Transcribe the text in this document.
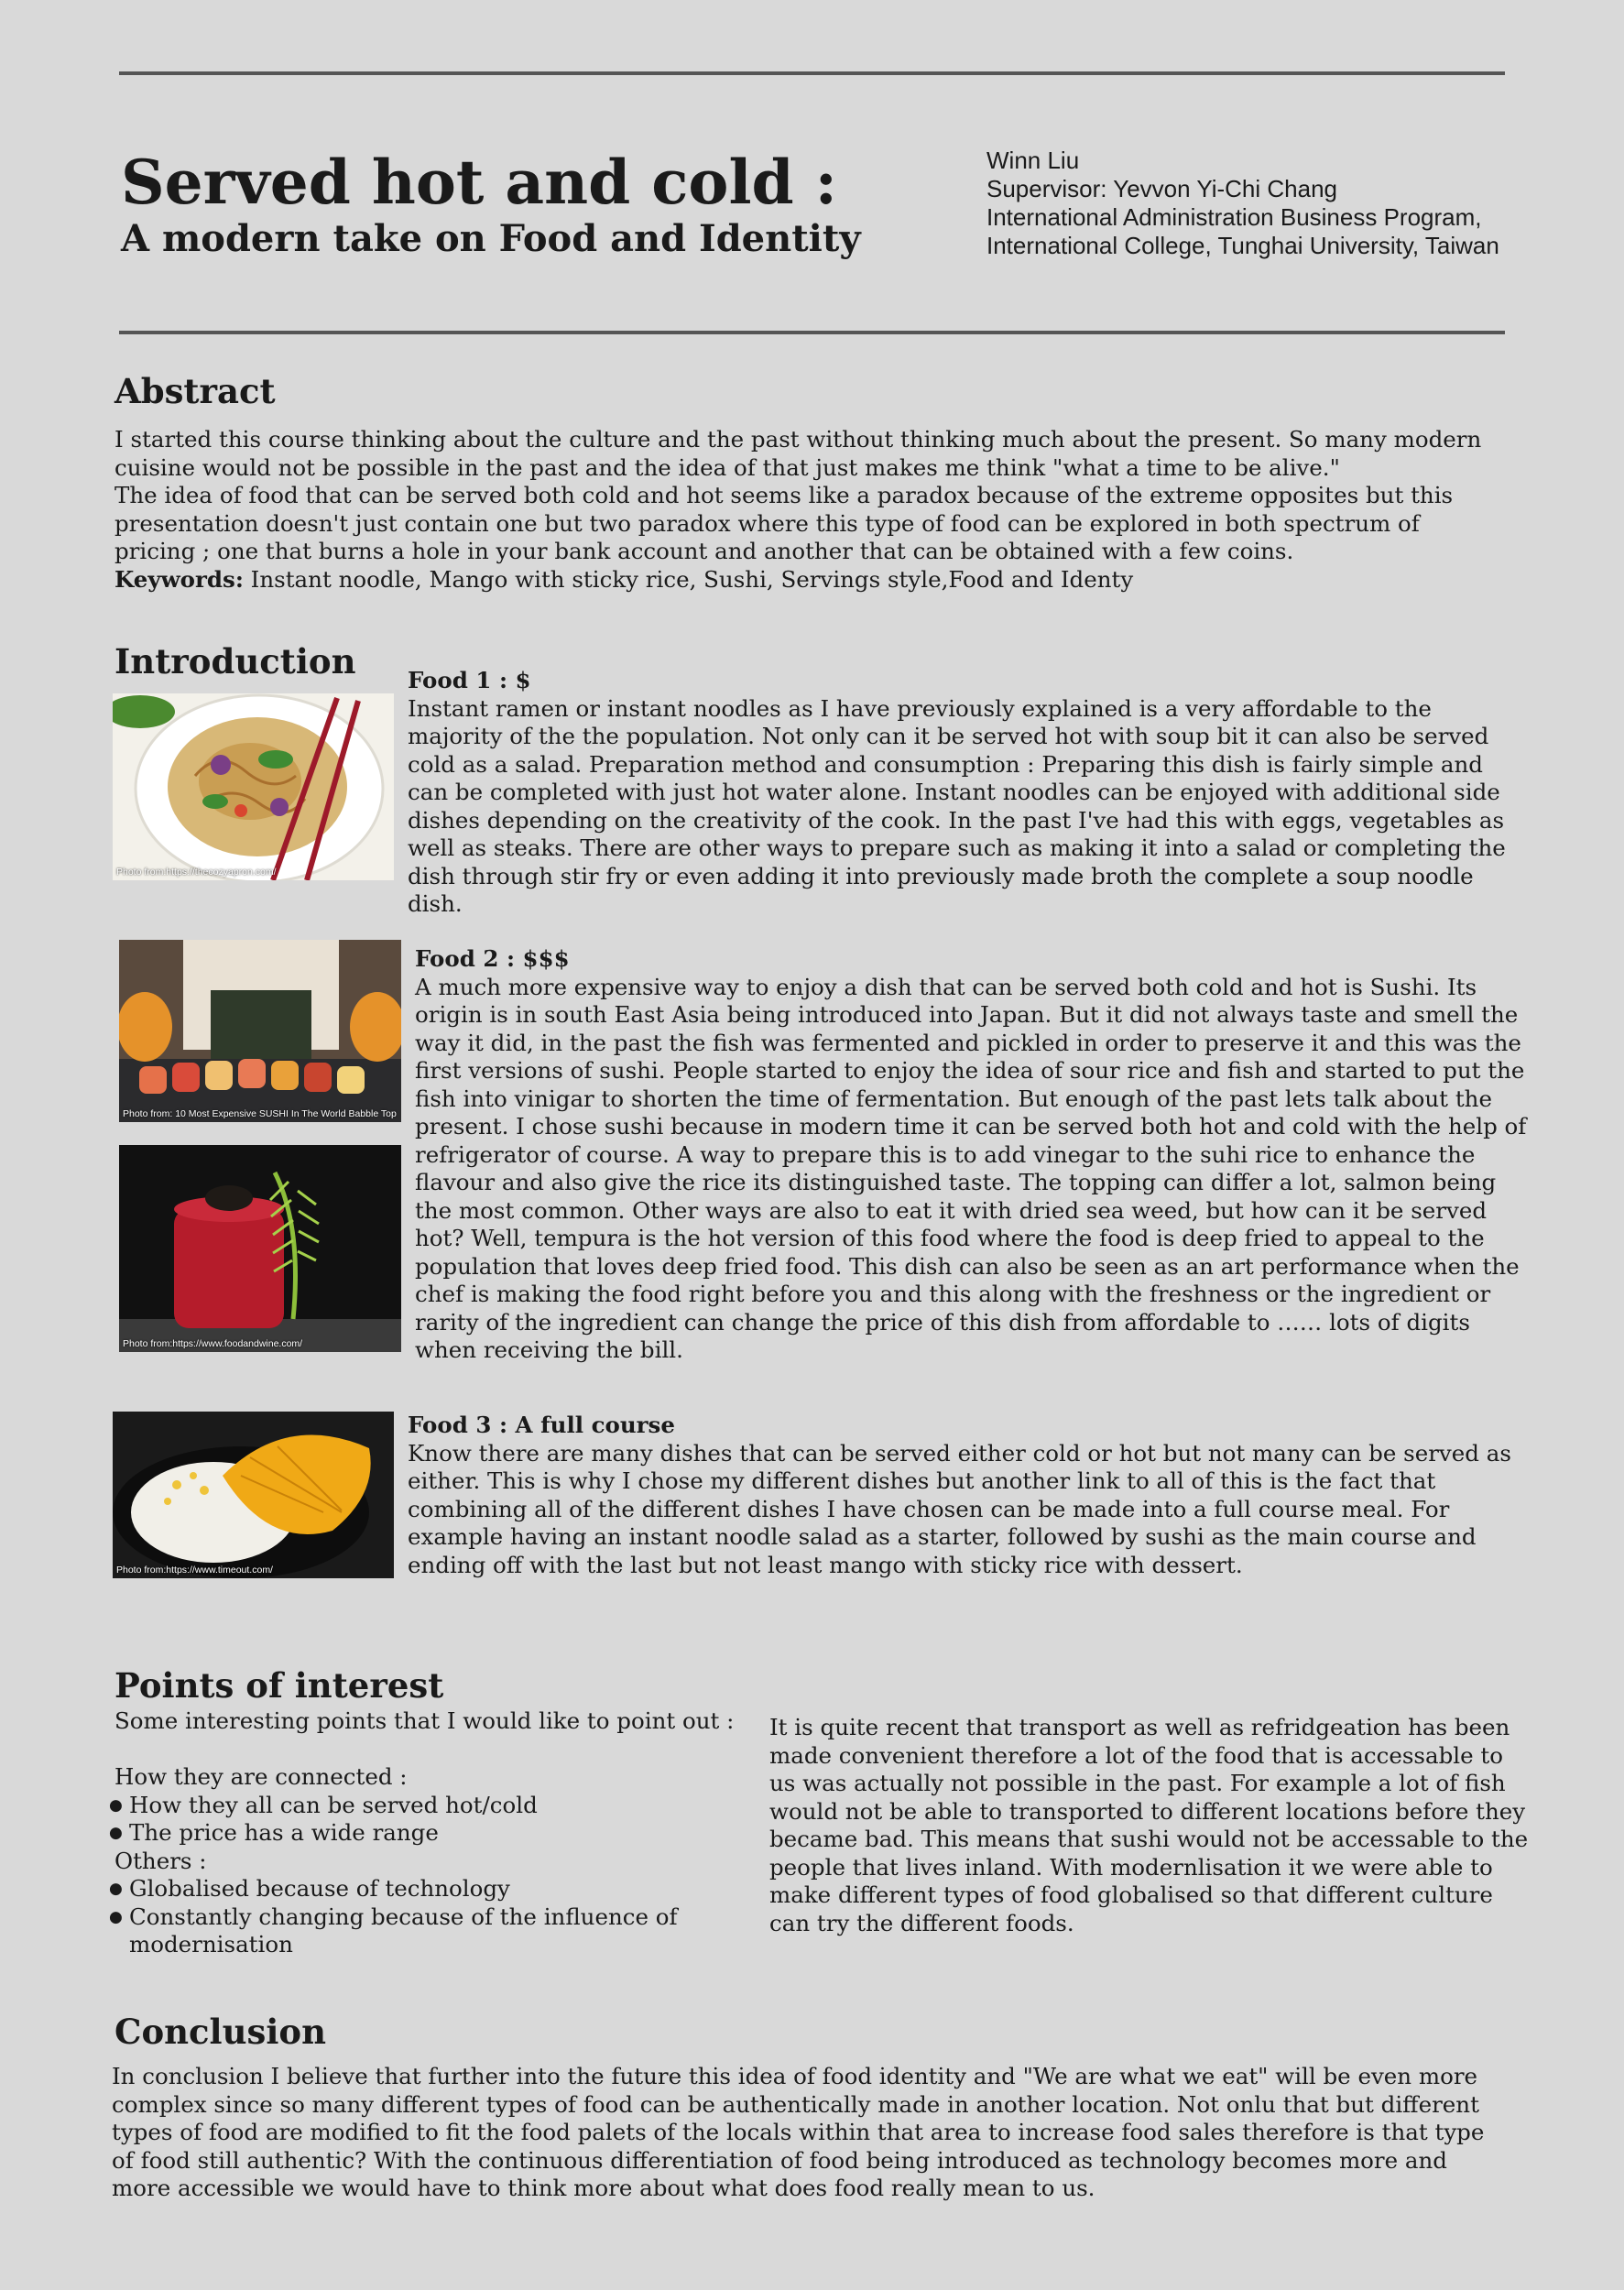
Served hot and cold :
A modern take on Food and Identity
Winn Liu
Supervisor: Yevvon Yi-Chi Chang
International Administration Business Program,
International College, Tunghai University, Taiwan
Abstract

I started this course thinking about the culture and the past without thinking much about the present. So many modern cuisine would not be possible in the past and the idea of that just makes me think "what a time to be alive."

The idea of food that can be served both cold and hot seems like a paradox because of the extreme opposites but this presentation doesn't just contain one but two paradox where this type of food can be explored in both spectrum of pricing ; one that burns a hole in your bank account and another that can be obtained with a few coins.

Keywords: Instant noodle, Mango with sticky rice, Sushi, Servings style,Food and Identy

Introduction
Photo from:https://thecozyapron.com/

Food 1 : $

Instant ramen or instant noodles as I have previously explained is a very affordable to the majority of the the population. Not only can it be served hot with soup bit it can also be served cold as a salad. Preparation method and consumption : Preparing this dish is fairly simple and can be completed with just hot water alone. Instant noodles can be enjoyed with additional side dishes depending on the creativity of the cook. In the past I've had this with eggs, vegetables as well as steaks. There are other ways to prepare such as making it into a salad or completing the dish through stir fry or even adding it into previously made broth the complete a soup noodle dish.

Photo from: 10 Most Expensive SUSHI In The World Babble Top
Photo from:https://www.foodandwine.com/

Food 2 : $$$

A much more expensive way to enjoy a dish that can be served both cold and hot is Sushi. Its origin is in south East Asia being introduced into Japan. But it did not always taste and smell the way it did, in the past the fish was fermented and pickled in order to preserve it and this was the first versions of sushi. People started to enjoy the idea of sour rice and fish and started to put the fish into vinigar to shorten the time of fermentation. But enough of the past lets talk about the present. I chose sushi because in modern time it can be served both hot and cold with the help of refrigerator of course. A way to prepare this is to add vinegar to the suhi rice to enhance the flavour and also give the rice its distinguished taste. The topping can differ a lot, salmon being the most common. Other ways are also to eat it with dried sea weed, but how can it be served hot? Well, tempura is the hot version of this food where the food is deep fried to appeal to the population that loves deep fried food. This dish can also be seen as an art performance when the chef is making the food right before you and this along with the freshness or the ingredient or rarity of the ingredient can change the price of this dish from affordable to …… lots of digits when receiving the bill.

Photo from:https://www.timeout.com/

Food 3 : A full course

Know there are many dishes that can be served either cold or hot but not many can be served as either. This is why I chose my different dishes but another link to all of this is the fact that combining all of the different dishes I have chosen can be made into a full course meal. For example having an instant noodle salad as a starter, followed by sushi as the main course and ending off with the last but not least mango with sticky rice with dessert.

Points of interest

Some interesting points that I would like to point out :

How they are connected :

● How they all can be served hot/cold
● The price has a wide range

Others :

● Globalised because of technology
● Constantly changing because of the influence of modernisation

It is quite recent that transport as well as refridgeation has been made convenient therefore a lot of the food that is accessable to us was actually not possible in the past. For example a lot of fish would not be able to transported to different locations before they became bad. This means that sushi would not be accessable to the people that lives inland. With modernlisation it we were able to make different types of food globalised so that different culture can try the different foods.

Conclusion

In conclusion I believe that further into the future this idea of food identity and "We are what we eat" will be even more complex since so many different types of food can be authentically made in another location. Not onlu that but different types of food are modified to fit the food palets of the locals within that area to increase food sales therefore is that type of food still authentic? With the continuous differentiation of food being introduced as technology becomes more and more accessible we would have to think more about what does food really mean to us.
